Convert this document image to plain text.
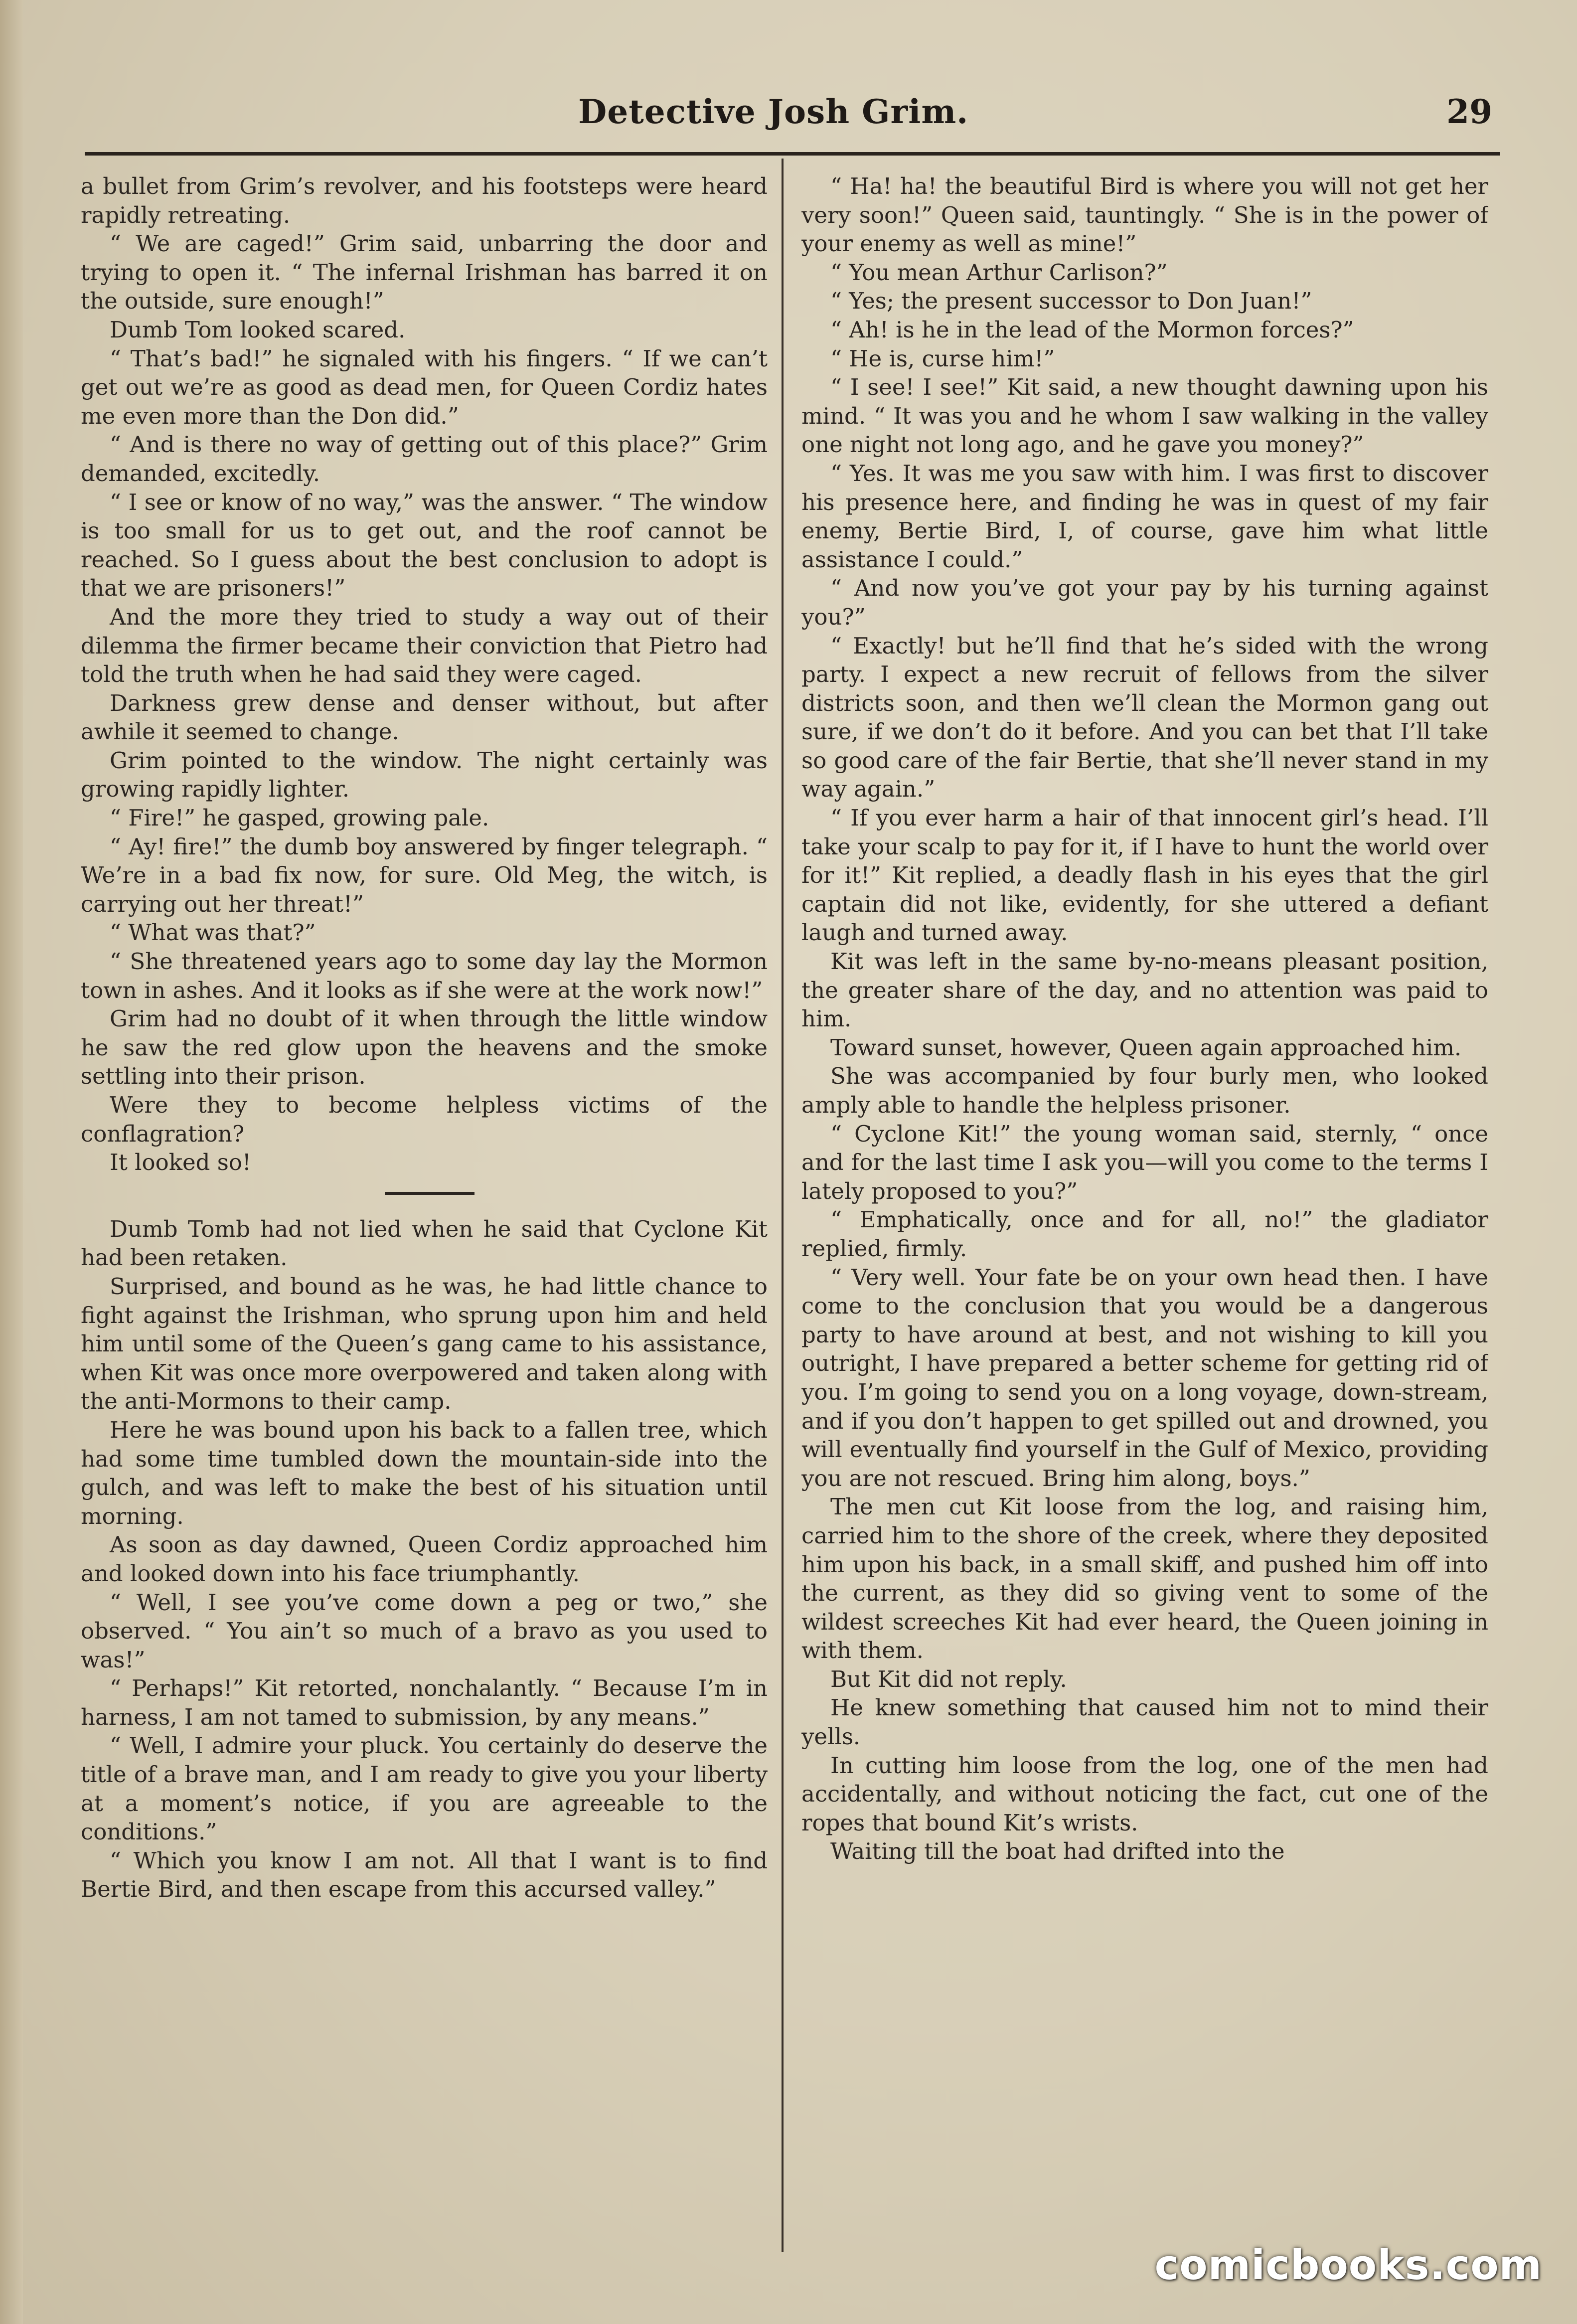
Detective Josh Grim.	29

a bullet from Grim’s revolver, and his footsteps were heard rapidly retreating.

“ We are caged!” Grim said, unbarring the door and trying to open it. “ The infernal Irishman has barred it on the outside, sure enough!”

Dumb Tom looked scared.

“ That’s bad!” he signaled with his fingers. “ If we can’t get out we’re as good as dead men, for Queen Cordiz hates me even more than the Don did.”

“ And is there no way of getting out of this place?” Grim demanded, excitedly.

“ I see or know of no way,” was the answer. “ The window is too small for us to get out, and the roof cannot be reached. So I guess about the best conclusion to adopt is that we are prisoners!”

And the more they tried to study a way out of their dilemma the firmer became their conviction that Pietro had told the truth when he had said they were caged.

Darkness grew dense and denser without, but after awhile it seemed to change.

Grim pointed to the window. The night certainly was growing rapidly lighter.

“ Fire!” he gasped, growing pale.

“ Ay! fire!” the dumb boy answered by finger telegraph. “ We’re in a bad fix now, for sure. Old Meg, the witch, is carrying out her threat!”

“ What was that?”

“ She threatened years ago to some day lay the Mormon town in ashes. And it looks as if she were at the work now!”

Grim had no doubt of it when through the little window he saw the red glow upon the heavens and the smoke settling into their prison.

Were they to become helpless victims of the conflagration?

It looked so!

Dumb Tomb had not lied when he said that Cyclone Kit had been retaken.

Surprised, and bound as he was, he had little chance to fight against the Irishman, who sprung upon him and held him until some of the Queen’s gang came to his assistance, when Kit was once more overpowered and taken along with the anti-Mormons to their camp.

Here he was bound upon his back to a fallen tree, which had some time tumbled down the mountain-side into the gulch, and was left to make the best of his situation until morning.

As soon as day dawned, Queen Cordiz approached him and looked down into his face triumphantly.

“ Well, I see you’ve come down a peg or two,” she observed. “ You ain’t so much of a bravo as you used to was!”

“ Perhaps!” Kit retorted, nonchalantly. “ Because I’m in harness, I am not tamed to submission, by any means.”

“ Well, I admire your pluck. You certainly do deserve the title of a brave man, and I am ready to give you your liberty at a moment’s notice, if you are agreeable to the conditions.”

“ Which you know I am not. All that I want is to find Bertie Bird, and then escape from this accursed valley.”

“ Ha! ha! the beautiful Bird is where you will not get her very soon!” Queen said, tauntingly. “ She is in the power of your enemy as well as mine!”

“ You mean Arthur Carlison?”

“ Yes; the present successor to Don Juan!”

“ Ah! is he in the lead of the Mormon forces?”

“ He is, curse him!”

“ I see! I see!” Kit said, a new thought dawning upon his mind. “ It was you and he whom I saw walking in the valley one night not long ago, and he gave you money?”

“ Yes. It was me you saw with him. I was first to discover his presence here, and finding he was in quest of my fair enemy, Bertie Bird, I, of course, gave him what little assistance I could.”

“ And now you’ve got your pay by his turning against you?”

“ Exactly! but he’ll find that he’s sided with the wrong party. I expect a new recruit of fellows from the silver districts soon, and then we’ll clean the Mormon gang out sure, if we don’t do it before. And you can bet that I’ll take so good care of the fair Bertie, that she’ll never stand in my way again.”

“ If you ever harm a hair of that innocent girl’s head. I’ll take your scalp to pay for it, if I have to hunt the world over for it!” Kit replied, a deadly flash in his eyes that the girl captain did not like, evidently, for she uttered a defiant laugh and turned away.

Kit was left in the same by-no-means pleasant position, the greater share of the day, and no attention was paid to him.

Toward sunset, however, Queen again approached him.

She was accompanied by four burly men, who looked amply able to handle the helpless prisoner.

“ Cyclone Kit!” the young woman said, sternly, “ once and for the last time I ask you—will you come to the terms I lately proposed to you?”

“ Emphatically, once and for all, no!” the gladiator replied, firmly.

“ Very well. Your fate be on your own head then. I have come to the conclusion that you would be a dangerous party to have around at best, and not wishing to kill you outright, I have prepared a better scheme for getting rid of you. I’m going to send you on a long voyage, down-stream, and if you don’t happen to get spilled out and drowned, you will eventually find yourself in the Gulf of Mexico, providing you are not rescued. Bring him along, boys.”

The men cut Kit loose from the log, and raising him, carried him to the shore of the creek, where they deposited him upon his back, in a small skiff, and pushed him off into the current, as they did so giving vent to some of the wildest screeches Kit had ever heard, the Queen joining in with them.

But Kit did not reply.

He knew something that caused him not to mind their yells.

In cutting him loose from the log, one of the men had accidentally, and without noticing the fact, cut one of the ropes that bound Kit’s wrists.

Waiting till the boat had drifted into the

comicbooks.com
